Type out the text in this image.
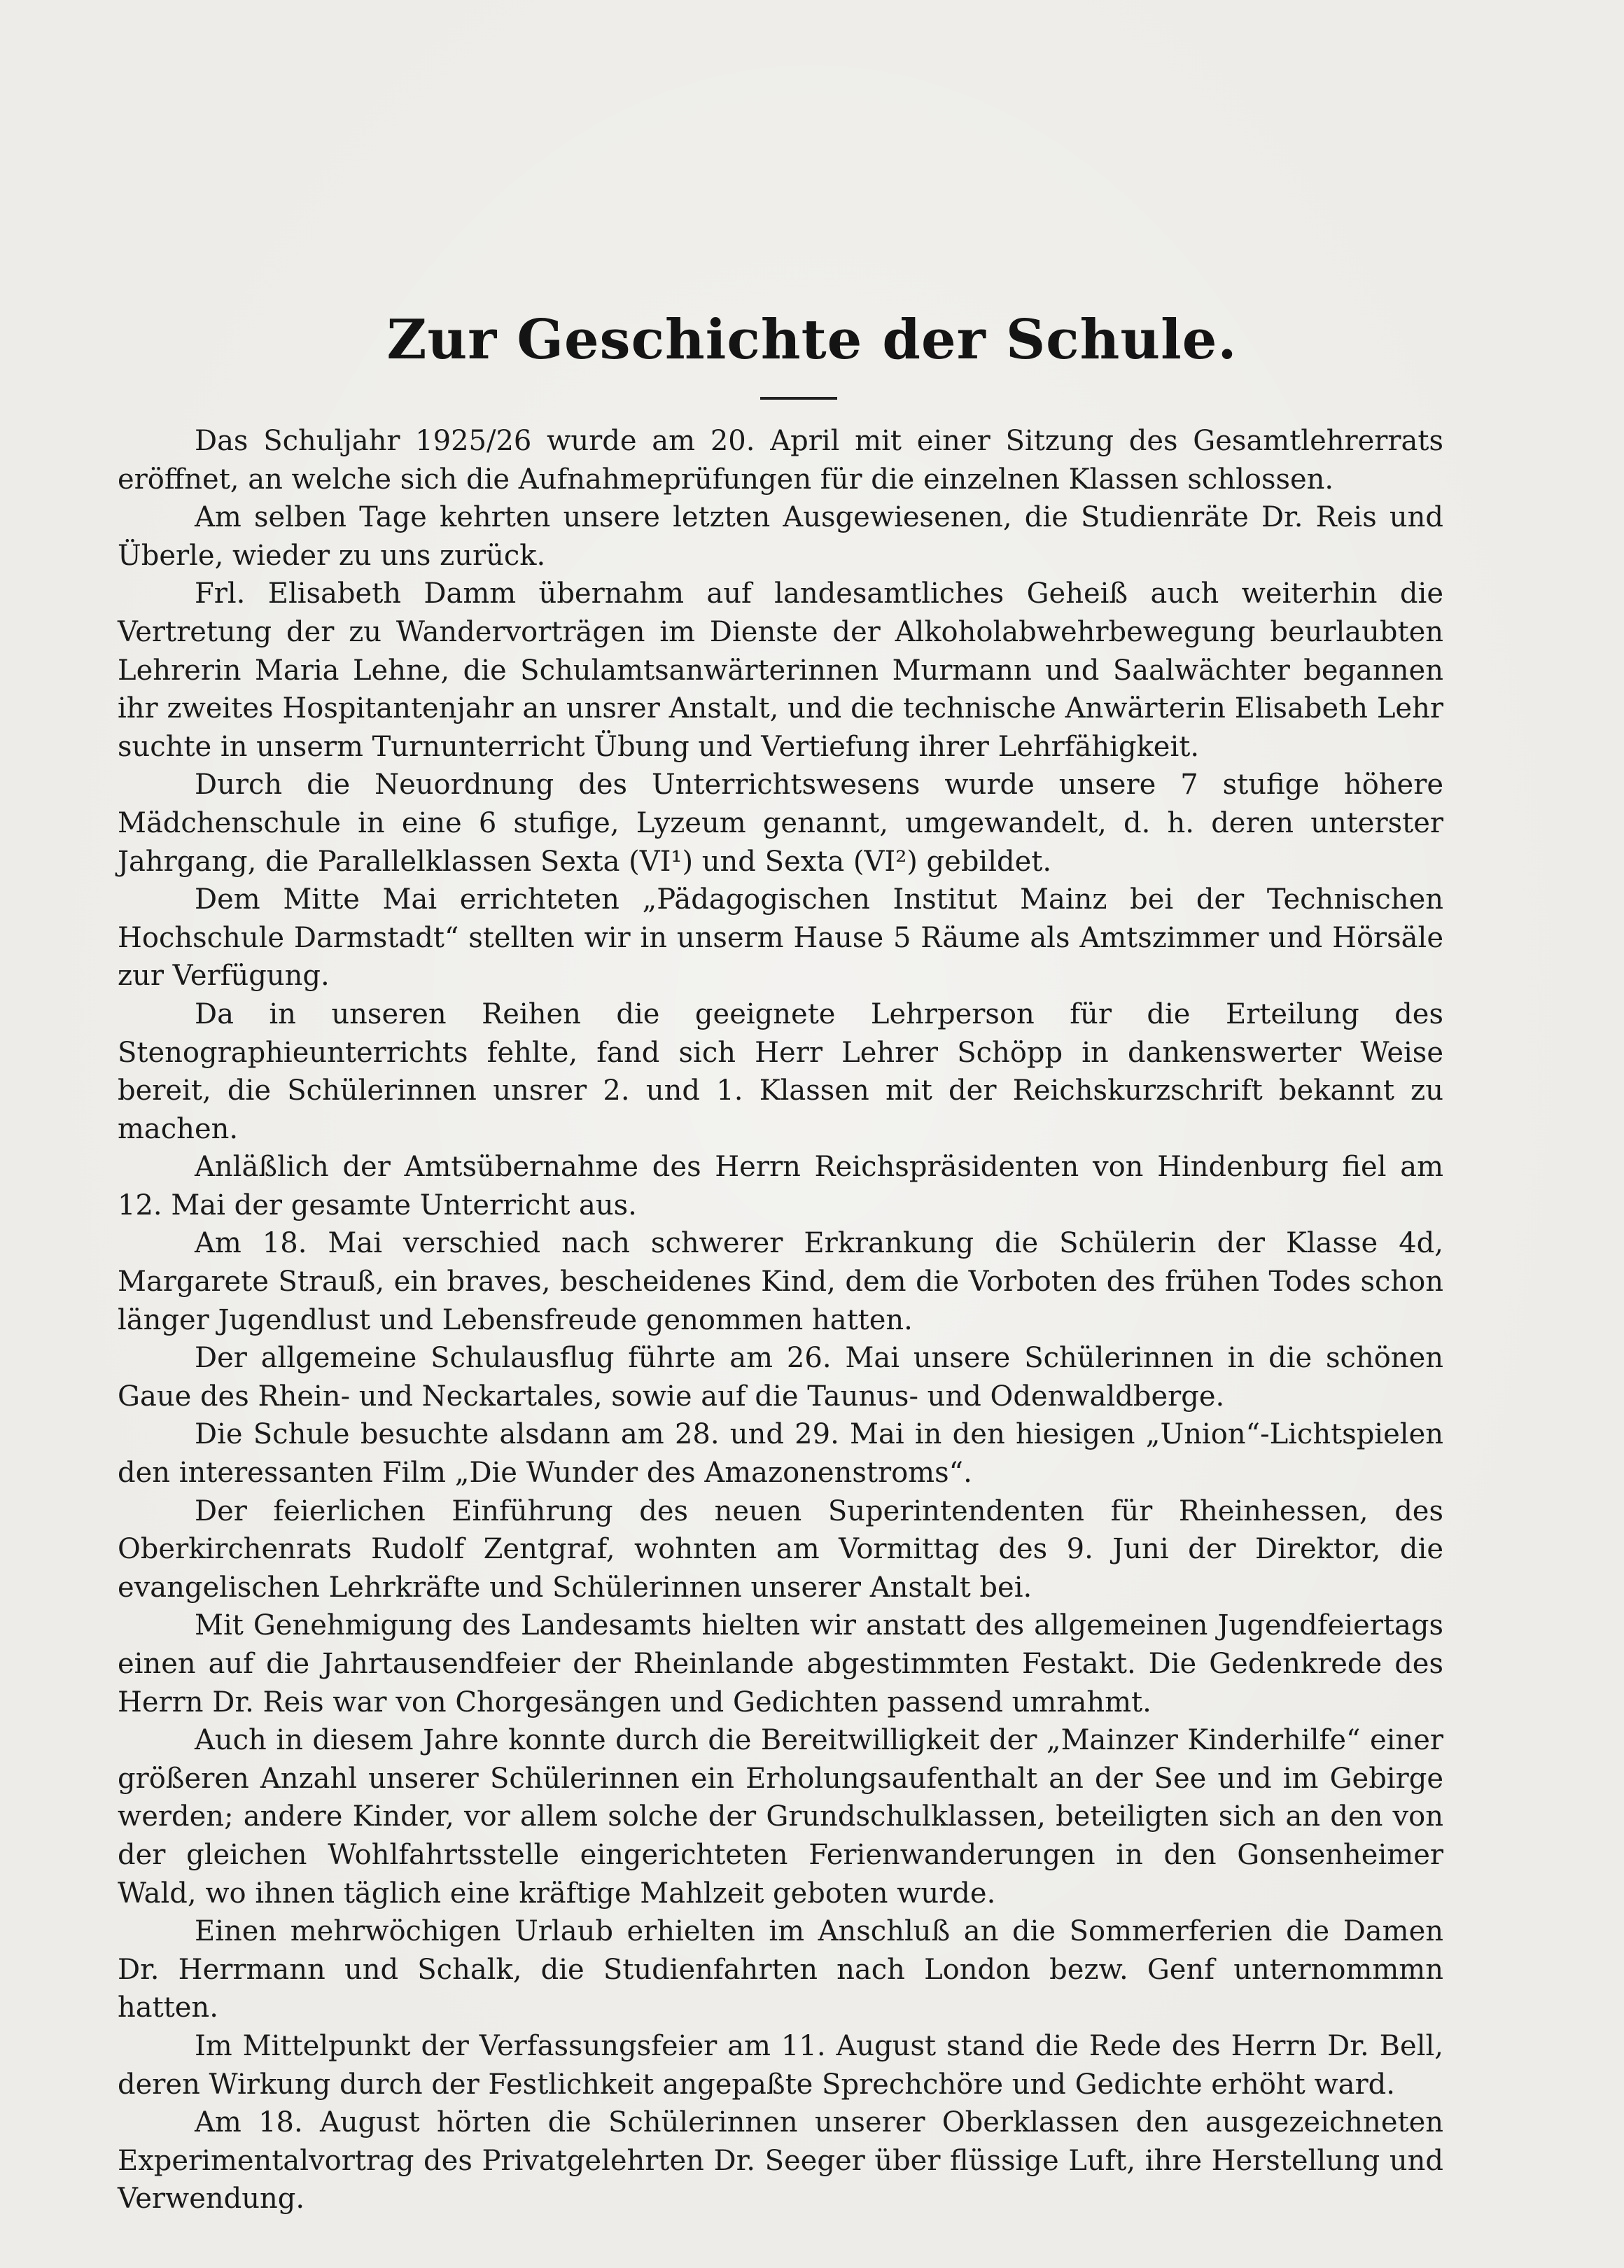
Zur Geschichte der Schule.

Das Schuljahr 1925/26 wurde am 20. April mit einer Sitzung des Gesamtlehrerrats eröffnet, an welche sich die Aufnahmeprüfungen für die einzelnen Klassen schlossen.

Am selben Tage kehrten unsere letzten Ausgewiesenen, die Studienräte Dr. Reis und Überle, wieder zu uns zurück.

Frl. Elisabeth Damm übernahm auf landesamtliches Geheiß auch weiterhin die Vertretung der zu Wandervorträgen im Dienste der Alkoholabwehrbewegung beurlaubten Lehrerin Maria Lehne, die Schulamtsanwärterinnen Murmann und Saalwächter begannen ihr zweites Hospitantenjahr an unsrer Anstalt, und die technische Anwärterin Elisabeth Lehr suchte in unserm Turnunterricht Übung und Vertiefung ihrer Lehrfähigkeit.

Durch die Neuordnung des Unterrichtswesens wurde unsere 7 stufige höhere Mädchenschule in eine 6 stufige, Lyzeum genannt, umgewandelt, d. h. deren unterster Jahrgang, die Parallelklassen Sexta (VI¹) und Sexta (VI²) gebildet.

Dem Mitte Mai errichteten „Pädagogischen Institut Mainz bei der Technischen Hochschule Darmstadt“ stellten wir in unserm Hause 5 Räume als Amtszimmer und Hörsäle zur Verfügung.

Da in unseren Reihen die geeignete Lehrperson für die Erteilung des Stenographieunterrichts fehlte, fand sich Herr Lehrer Schöpp in dankenswerter Weise bereit, die Schülerinnen unsrer 2. und 1. Klassen mit der Reichskurzschrift bekannt zu machen.

Anläßlich der Amtsübernahme des Herrn Reichspräsidenten von Hindenburg fiel am 12. Mai der gesamte Unterricht aus.

Am 18. Mai verschied nach schwerer Erkrankung die Schülerin der Klasse 4d, Margarete Strauß, ein braves, bescheidenes Kind, dem die Vorboten des frühen Todes schon länger Jugendlust und Lebensfreude genommen hatten.

Der allgemeine Schulausflug führte am 26. Mai unsere Schülerinnen in die schönen Gaue des Rhein- und Neckartales, sowie auf die Taunus- und Odenwaldberge.

Die Schule besuchte alsdann am 28. und 29. Mai in den hiesigen „Union“-Lichtspielen den interessanten Film „Die Wunder des Amazonenstroms“.

Der feierlichen Einführung des neuen Superintendenten für Rheinhessen, des Oberkirchenrats Rudolf Zentgraf, wohnten am Vormittag des 9. Juni der Direktor, die evangelischen Lehrkräfte und Schülerinnen unserer Anstalt bei.

Mit Genehmigung des Landesamts hielten wir anstatt des allgemeinen Jugendfeiertags einen auf die Jahrtausendfeier der Rheinlande abgestimmten Festakt. Die Gedenkrede des Herrn Dr. Reis war von Chorgesängen und Gedichten passend umrahmt.

Auch in diesem Jahre konnte durch die Bereitwilligkeit der „Mainzer Kinderhilfe“ einer größeren Anzahl unserer Schülerinnen ein Erholungsaufenthalt an der See und im Gebirge werden; andere Kinder, vor allem solche der Grundschulklassen, beteiligten sich an den von der gleichen Wohlfahrtsstelle eingerichteten Ferienwanderungen in den Gonsenheimer Wald, wo ihnen täglich eine kräftige Mahlzeit geboten wurde.

Einen mehrwöchigen Urlaub erhielten im Anschluß an die Sommerferien die Damen Dr. Herrmann und Schalk, die Studienfahrten nach London bezw. Genf unternommmn hatten.

Im Mittelpunkt der Verfassungsfeier am 11. August stand die Rede des Herrn Dr. Bell, deren Wirkung durch der Festlichkeit angepaßte Sprechchöre und Gedichte erhöht ward.

Am 18. August hörten die Schülerinnen unserer Oberklassen den ausgezeichneten Experimentalvortrag des Privatgelehrten Dr. Seeger über flüssige Luft, ihre Herstellung und Verwendung.
